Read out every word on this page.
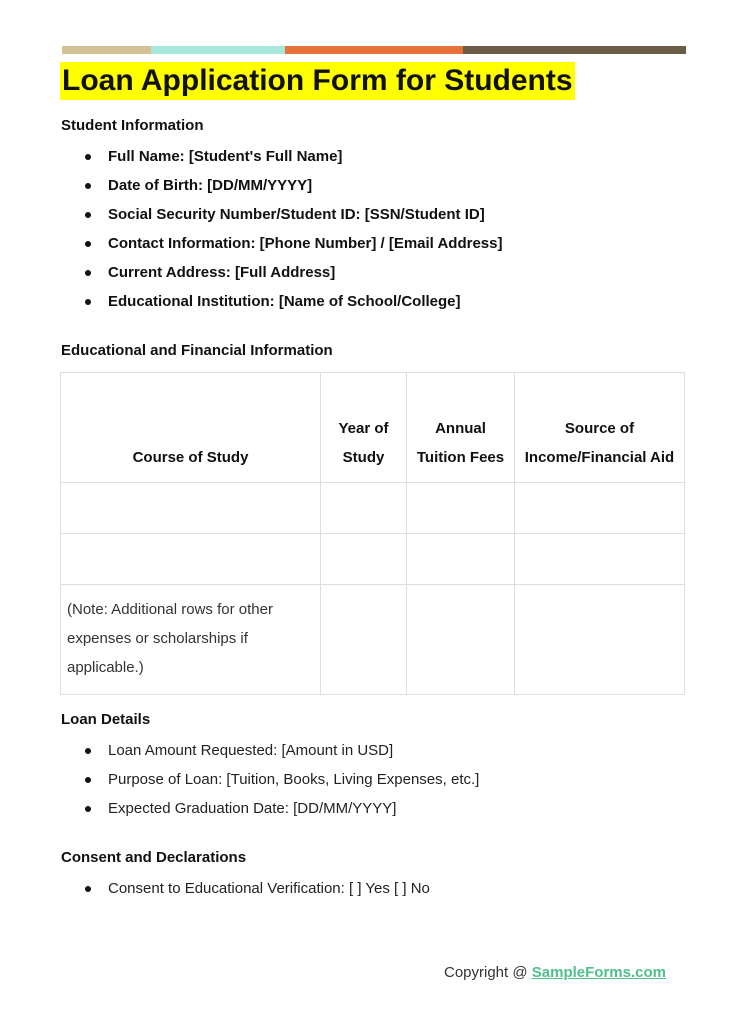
Loan Application Form for Students
Student Information
Full Name: [Student's Full Name]
Date of Birth: [DD/MM/YYYY]
Social Security Number/Student ID: [SSN/Student ID]
Contact Information: [Phone Number] / [Email Address]
Current Address: [Full Address]
Educational Institution: [Name of School/College]
Educational and Financial Information
Course of Study	Year of Study	Annual Tuition Fees	Source of Income/Financial Aid

(Note: Additional rows for other expenses or scholarships if applicable.)			
Loan Details
Loan Amount Requested: [Amount in USD]
Purpose of Loan: [Tuition, Books, Living Expenses, etc.]
Expected Graduation Date: [DD/MM/YYYY]
Consent and Declarations
Consent to Educational Verification: [ ] Yes [ ] No
Copyright @ SampleForms.com
